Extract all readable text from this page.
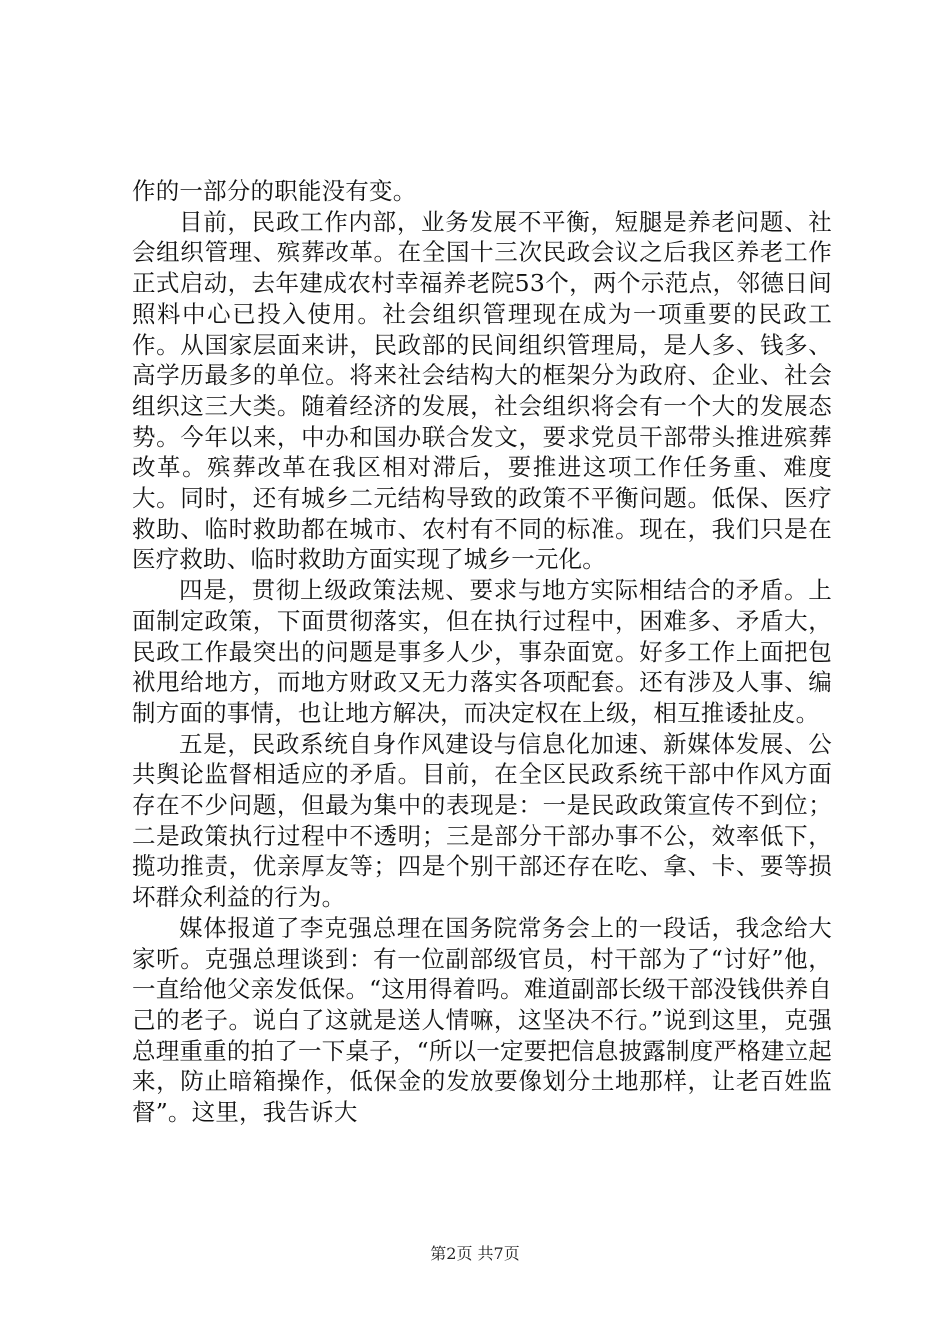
作的一部分的职能没有变。

目前，民政工作内部，业务发展不平衡，短腿是养老问题、社会组织管理、殡葬改革。在全国十三次民政会议之后我区养老工作正式启动，去年建成农村幸福养老院53个，两个示范点，邻德日间照料中心已投入使用。社会组织管理现在成为一项重要的民政工作。从国家层面来讲，民政部的民间组织管理局，是人多、钱多、高学历最多的单位。将来社会结构大的框架分为政府、企业、社会组织这三大类。随着经济的发展，社会组织将会有一个大的发展态势。今年以来，中办和国办联合发文，要求党员干部带头推进殡葬改革。殡葬改革在我区相对滞后，要推进这项工作任务重、难度大。同时，还有城乡二元结构导致的政策不平衡问题。低保、医疗救助、临时救助都在城市、农村有不同的标准。现在，我们只是在医疗救助、临时救助方面实现了城乡一元化。

四是，贯彻上级政策法规、要求与地方实际相结合的矛盾。上面制定政策，下面贯彻落实，但在执行过程中，困难多、矛盾大，民政工作最突出的问题是事多人少，事杂面宽。好多工作上面把包袱甩给地方，而地方财政又无力落实各项配套。还有涉及人事、编制方面的事情，也让地方解决，而决定权在上级，相互推诿扯皮。

五是，民政系统自身作风建设与信息化加速、新媒体发展、公共舆论监督相适应的矛盾。目前，在全区民政系统干部中作风方面存在不少问题，但最为集中的表现是：一是民政政策宣传不到位；二是政策执行过程中不透明；三是部分干部办事不公，效率低下，揽功推责，优亲厚友等；四是个别干部还存在吃、拿、卡、要等损坏群众利益的行为。

媒体报道了李克强总理在国务院常务会上的一段话，我念给大家听。克强总理谈到：有一位副部级官员，村干部为了“讨好”他，一直给他父亲发低保。“这用得着吗。难道副部长级干部没钱供养自己的老子。说白了这就是送人情嘛，这坚决不行。”说到这里，克强总理重重的拍了一下桌子，“所以一定要把信息披露制度严格建立起来，防止暗箱操作，低保金的发放要像划分土地那样，让老百姓监督”。这里，我告诉大

第2页 共7页
